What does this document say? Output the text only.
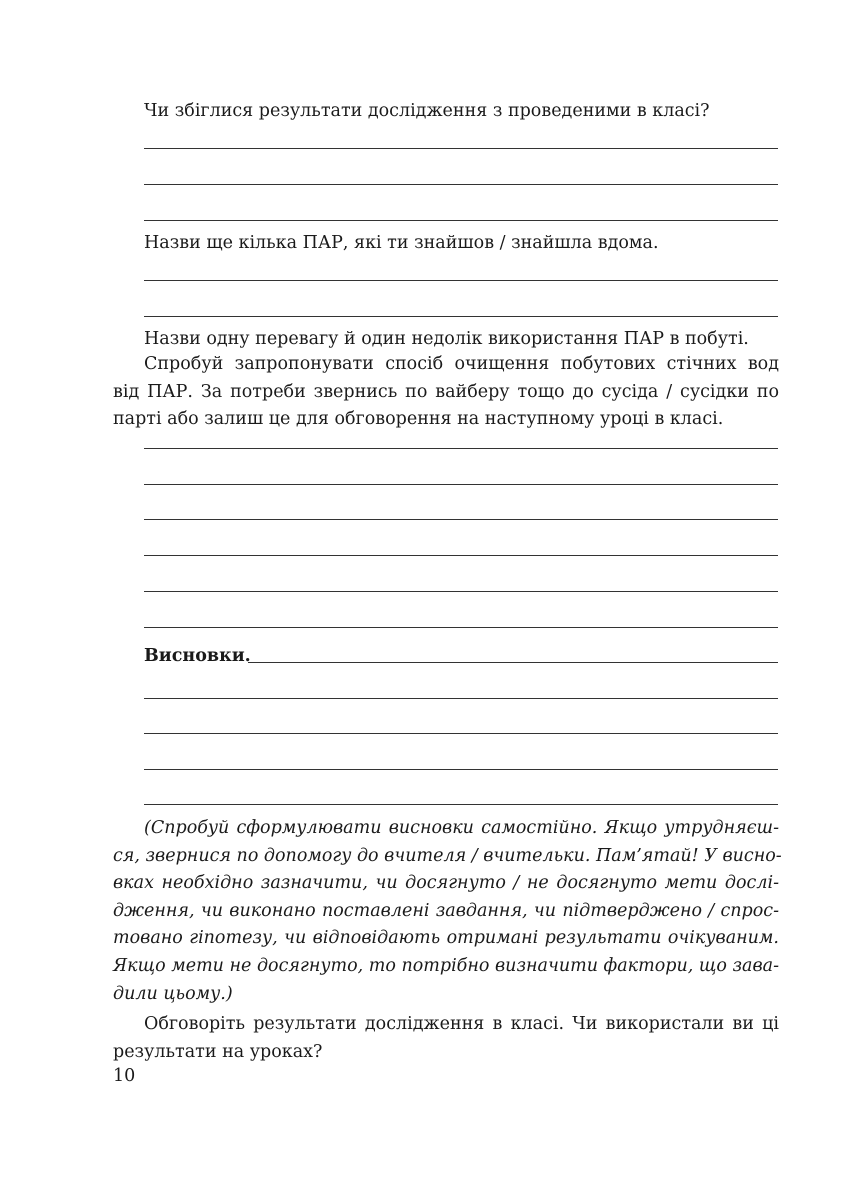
Чи збіглися результати дослідження з проведеними в класі?
Назви ще кілька ПАР, які ти знайшов / знайшла вдома.
Назви одну перевагу й один недолік використання ПАР в побуті.
Спробуй запропонувати спосіб очищення побутових стічних вод
від ПАР. За потреби звернись по вайберу тощо до сусіда / сусідки по
парті або залиш це для обговорення на наступному уроці в класі.
Висновки.
(Спробуй сформулювати висновки самостійно. Якщо утрудняєш-
ся, звернися по допомогу до вчителя / вчительки. Пам’ятай! У висно-
вках необхідно зазначити, чи досягнуто / не досягнуто мети дослі-
дження, чи виконано поставлені завдання, чи підтверджено / спрос-
товано гіпотезу, чи відповідають отримані результати очікуваним.
Якщо мети не досягнуто, то потрібно визначити фактори, що зава-
дили цьому.)
Обговоріть результати дослідження в класі. Чи використали ви ці
результати на уроках?
10
